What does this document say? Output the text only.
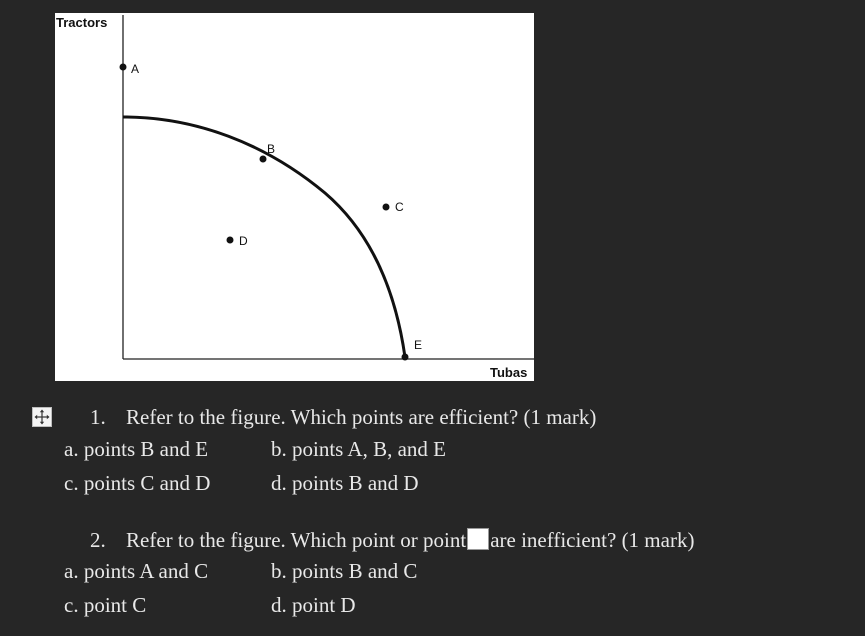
Tractors
Tubas
A
B
C
D
E
1. Refer to the figure. Which points are efficient? (1 mark)
a. points B and E	b. points A, B, and E
c. points C and D	d. points B and D
2. Refer to the figure. Which point or point are inefficient? (1 mark)
a. points A and C	b. points B and C
c. point C	d. point D
